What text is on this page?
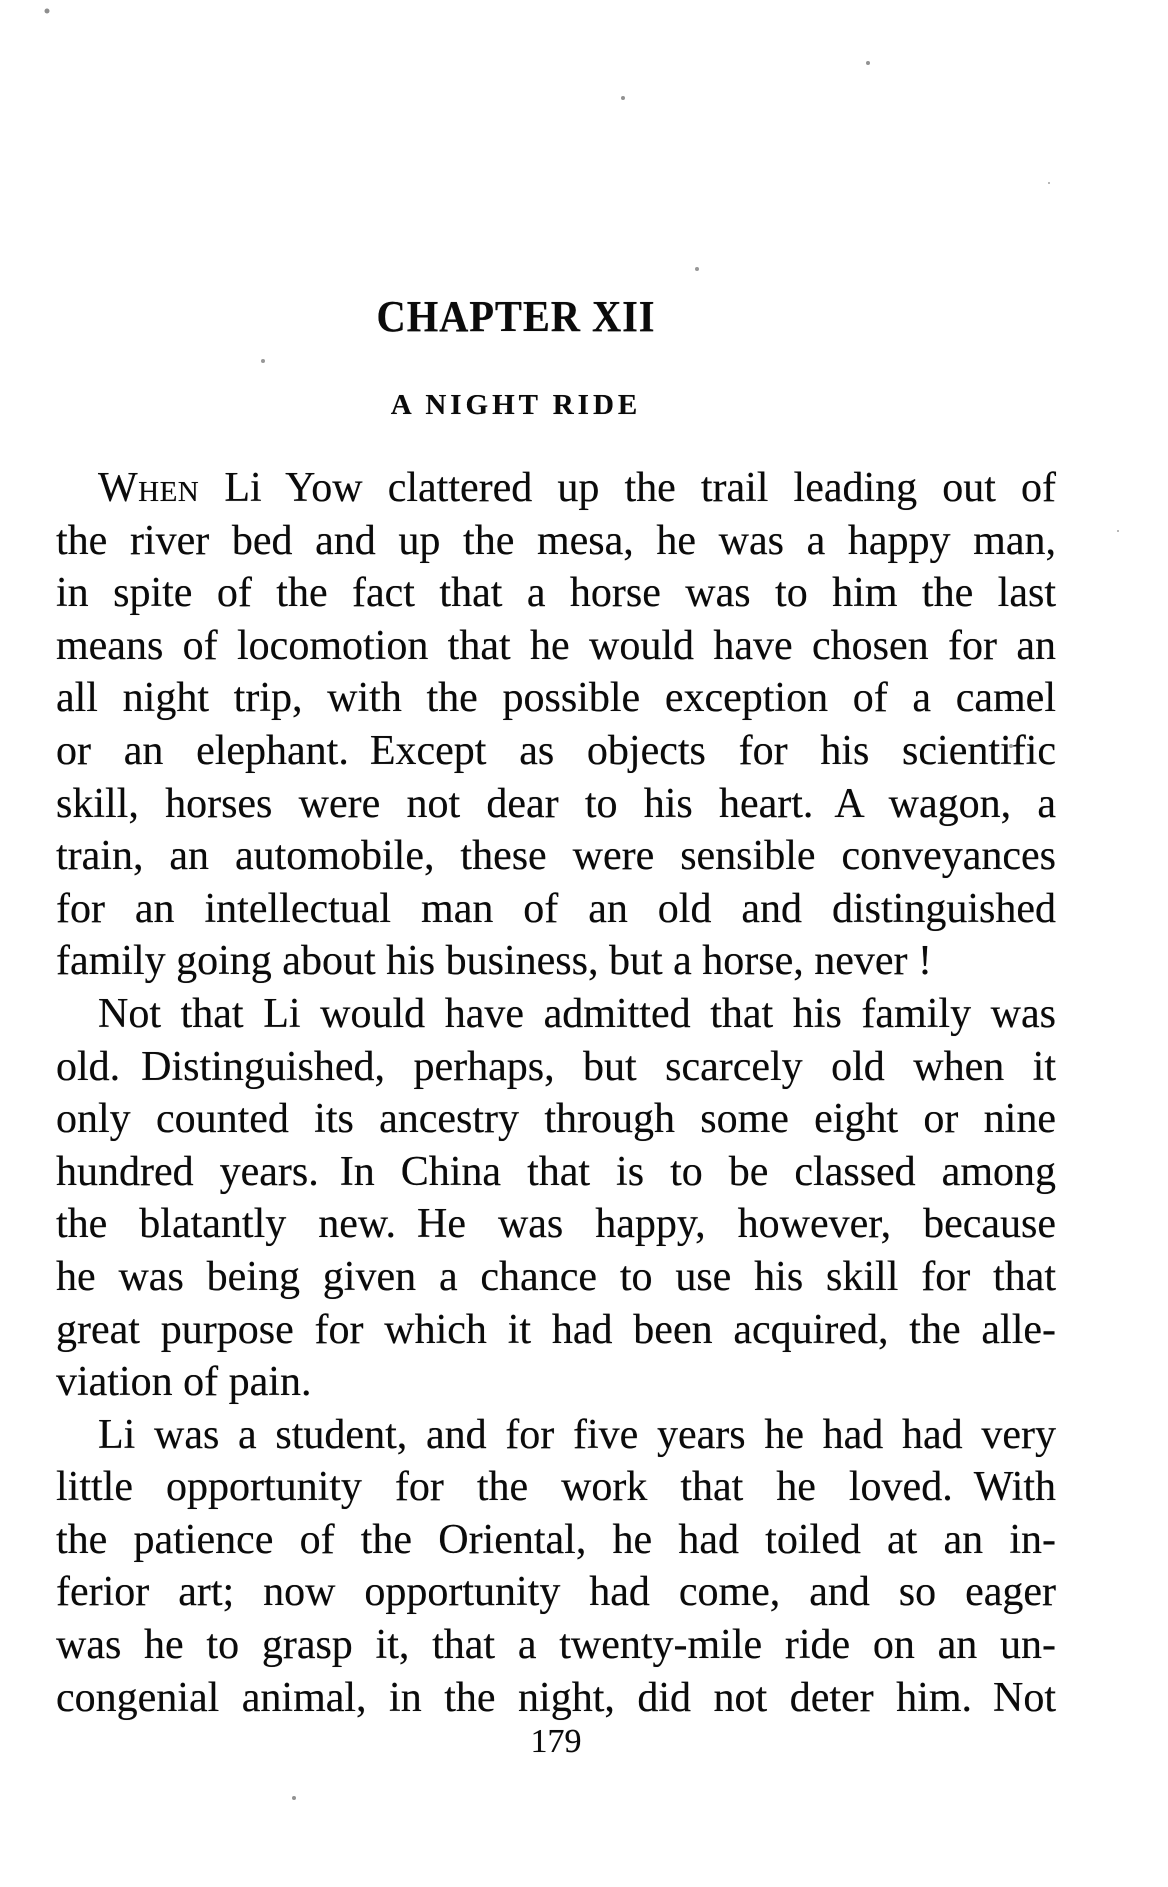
CHAPTER XII
A NIGHT RIDE
When Li Yow clattered up the trail leading out of
the river bed and up the mesa, he was a happy man,
in spite of the fact that a horse was to him the last
means of locomotion that he would have chosen for an
all night trip, with the possible exception of a camel
or an elephant. Except as objects for his scientific
skill, horses were not dear to his heart. A wagon, a
train, an automobile, these were sensible conveyances
for an intellectual man of an old and distinguished
family going about his business, but a horse, never !
Not that Li would have admitted that his family was
old. Distinguished, perhaps, but scarcely old when it
only counted its ancestry through some eight or nine
hundred years. In China that is to be classed among
the blatantly new. He was happy, however, because
he was being given a chance to use his skill for that
great purpose for which it had been acquired, the alle-
viation of pain.
Li was a student, and for five years he had had very
little opportunity for the work that he loved. With
the patience of the Oriental, he had toiled at an in-
ferior art; now opportunity had come, and so eager
was he to grasp it, that a twenty-mile ride on an un-
congenial animal, in the night, did not deter him. Not
179
